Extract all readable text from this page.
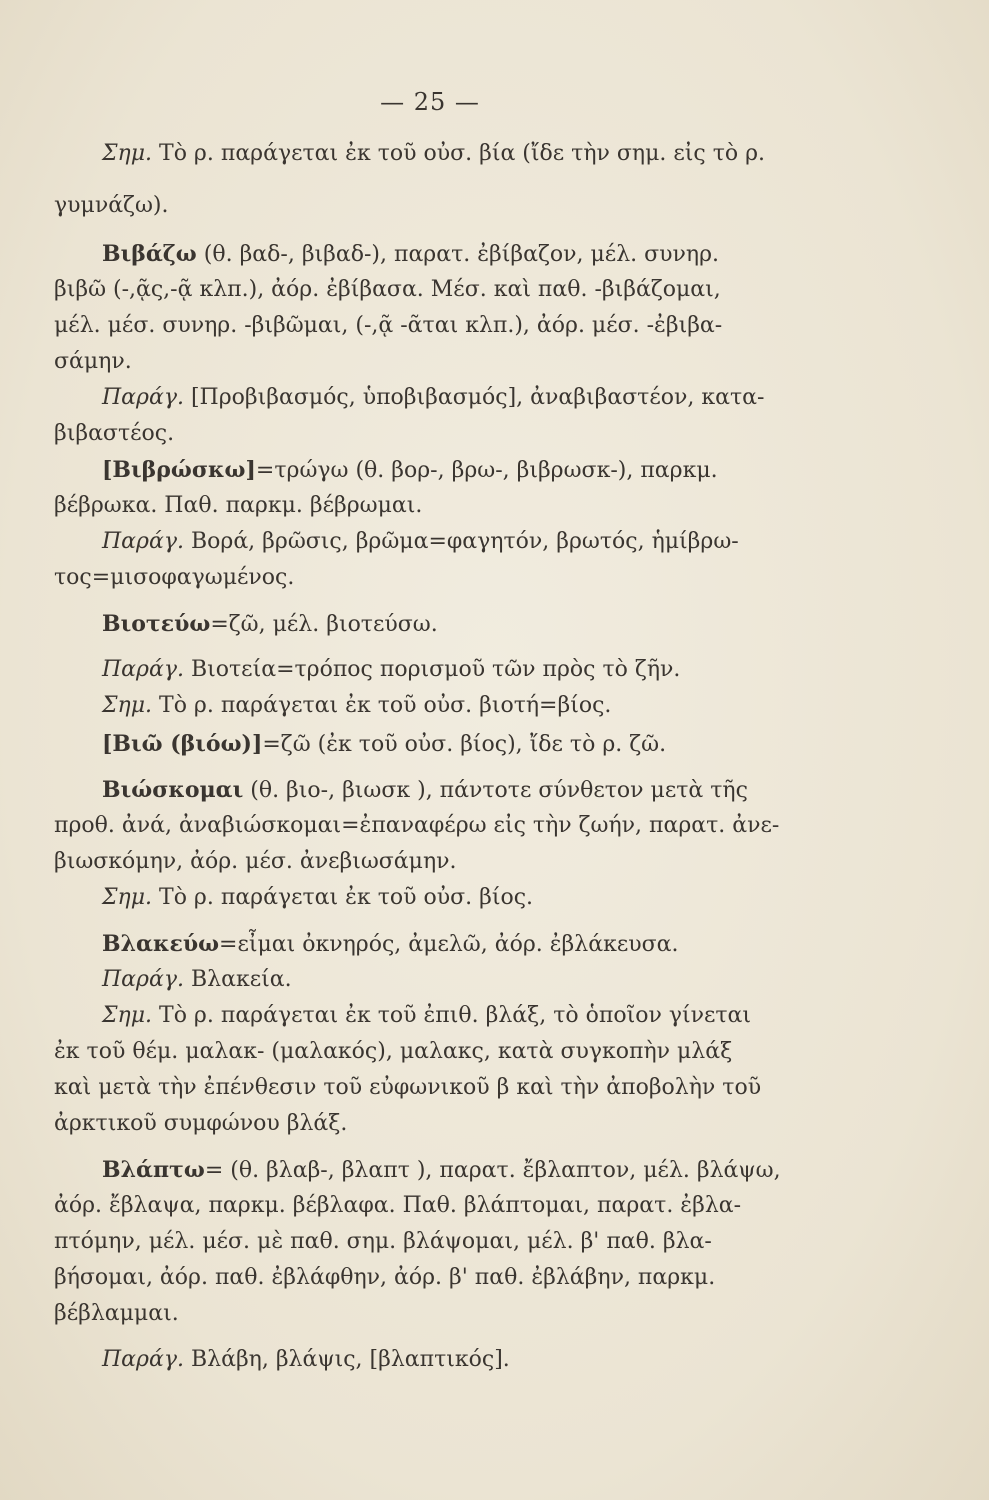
— 25 —
Σημ. Τὸ ρ. παράγεται ἐκ τοῦ οὐσ. βία (ἴδε τὴν σημ. εἰς τὸ ρ.
γυμνάζω).
Βιβάζω (θ. βαδ-, βιβαδ-), παρατ. ἐβίβαζον, μέλ. συνηρ.
βιβῶ (-,ᾷς,-ᾷ κλπ.), ἀόρ. ἐβίβασα. Μέσ. καὶ παθ. -βιβάζομαι,
μέλ. μέσ. συνηρ. -βιβῶμαι, (-,ᾷ -ᾶται κλπ.), ἀόρ. μέσ. -ἐβιβα-
σάμην.
Παράγ. [Προβιβασμός, ὑποβιβασμός], ἀναβιβαστέον, κατα-
βιβαστέος.
[Βιβρώσκω]=τρώγω (θ. βορ-, βρω-, βιβρωσκ-), παρκμ.
βέβρωκα. Παθ. παρκμ. βέβρωμαι.
Παράγ. Βορά, βρῶσις, βρῶμα=φαγητόν, βρωτός, ἡμίβρω-
τος=μισοφαγωμένος.
Βιοτεύω=ζῶ, μέλ. βιοτεύσω.
Παράγ. Βιοτεία=τρόπος πορισμοῦ τῶν πρὸς τὸ ζῆν.
Σημ. Τὸ ρ. παράγεται ἐκ τοῦ οὐσ. βιοτή=βίος.
[Βιῶ (βιόω)]=ζῶ (ἐκ τοῦ οὐσ. βίος), ἴδε τὸ ρ. ζῶ.
Βιώσκομαι (θ. βιο-, βιωσκ ), πάντοτε σύνθετον μετὰ τῆς
προθ. ἀνά, ἀναβιώσκομαι=ἐπαναφέρω εἰς τὴν ζωήν, παρατ. ἀνε-
βιωσκόμην, ἀόρ. μέσ. ἀνεβιωσάμην.
Σημ. Τὸ ρ. παράγεται ἐκ τοῦ οὐσ. βίος.
Βλακεύω=εἶμαι ὀκνηρός, ἀμελῶ, ἀόρ. ἐβλάκευσα.
Παράγ. Βλακεία.
Σημ. Τὸ ρ. παράγεται ἐκ τοῦ ἐπιθ. βλάξ, τὸ ὁποῖον γίνεται
ἐκ τοῦ θέμ. μαλακ- (μαλακός), μαλακς, κατὰ συγκοπὴν μλάξ
καὶ μετὰ τὴν ἐπένθεσιν τοῦ εὐφωνικοῦ β καὶ τὴν ἀποβολὴν τοῦ
ἀρκτικοῦ συμφώνου βλάξ.
Βλάπτω= (θ. βλαβ-, βλαπτ ), παρατ. ἔβλαπτον, μέλ. βλάψω,
ἀόρ. ἔβλαψα, παρκμ. βέβλαφα. Παθ. βλάπτομαι, παρατ. ἐβλα-
πτόμην, μέλ. μέσ. μὲ παθ. σημ. βλάψομαι, μέλ. β' παθ. βλα-
βήσομαι, ἀόρ. παθ. ἐβλάφθην, ἀόρ. β' παθ. ἐβλάβην, παρκμ.
βέβλαμμαι.
Παράγ. Βλάβη, βλάψις, [βλαπτικός].
